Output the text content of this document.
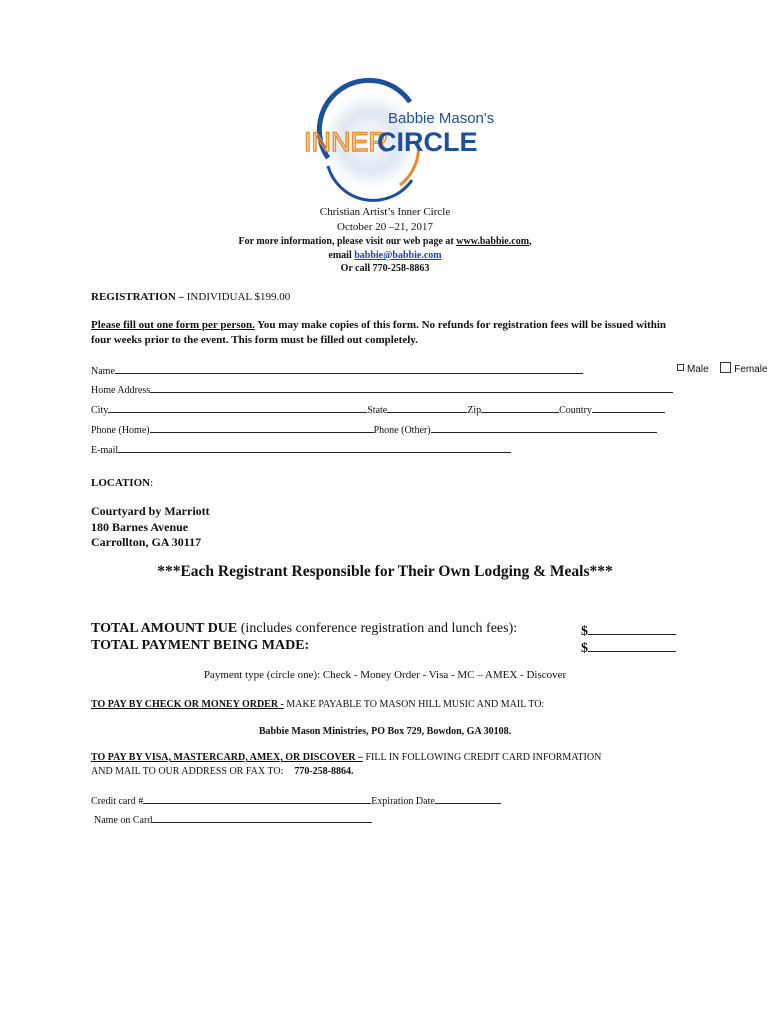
Babbie Mason's
INNER
CIRCLE
Christian Artist’s Inner Circle
October 20 –21, 2017
For more information, please visit our web page at www.babbie.com,
email babbie@babbie.com
Or call 770-258-8863
REGISTRATION – INDIVIDUAL $199.00
Please fill out one form per person. You may make copies of this form. No refunds for registration fees will be issued within four weeks prior to the event. This form must be filled out completely.
Name	Male	Female
Home Address
City	State	Zip	Country
Phone (Home)	Phone (Other)
E-mail
LOCATION:
Courtyard by Marriott
180 Barnes Avenue
Carrollton, GA 30117
***Each Registrant Responsible for Their Own Lodging & Meals***
TOTAL AMOUNT DUE (includes conference registration and lunch fees):	$
TOTAL PAYMENT BEING MADE:	$
Payment type (circle one): Check - Money Order - Visa - MC – AMEX - Discover
TO PAY BY CHECK OR MONEY ORDER - MAKE PAYABLE TO MASON HILL MUSIC AND MAIL TO:
Babbie Mason Ministries, PO Box 729, Bowdon, GA 30108.
TO PAY BY VISA, MASTERCARD, AMEX, OR DISCOVER – FILL IN FOLLOWING CREDIT CARD INFORMATION
AND MAIL TO OUR ADDRESS OR FAX TO: 770-258-8864.
Credit card #	Expiration Date
Name on Card
